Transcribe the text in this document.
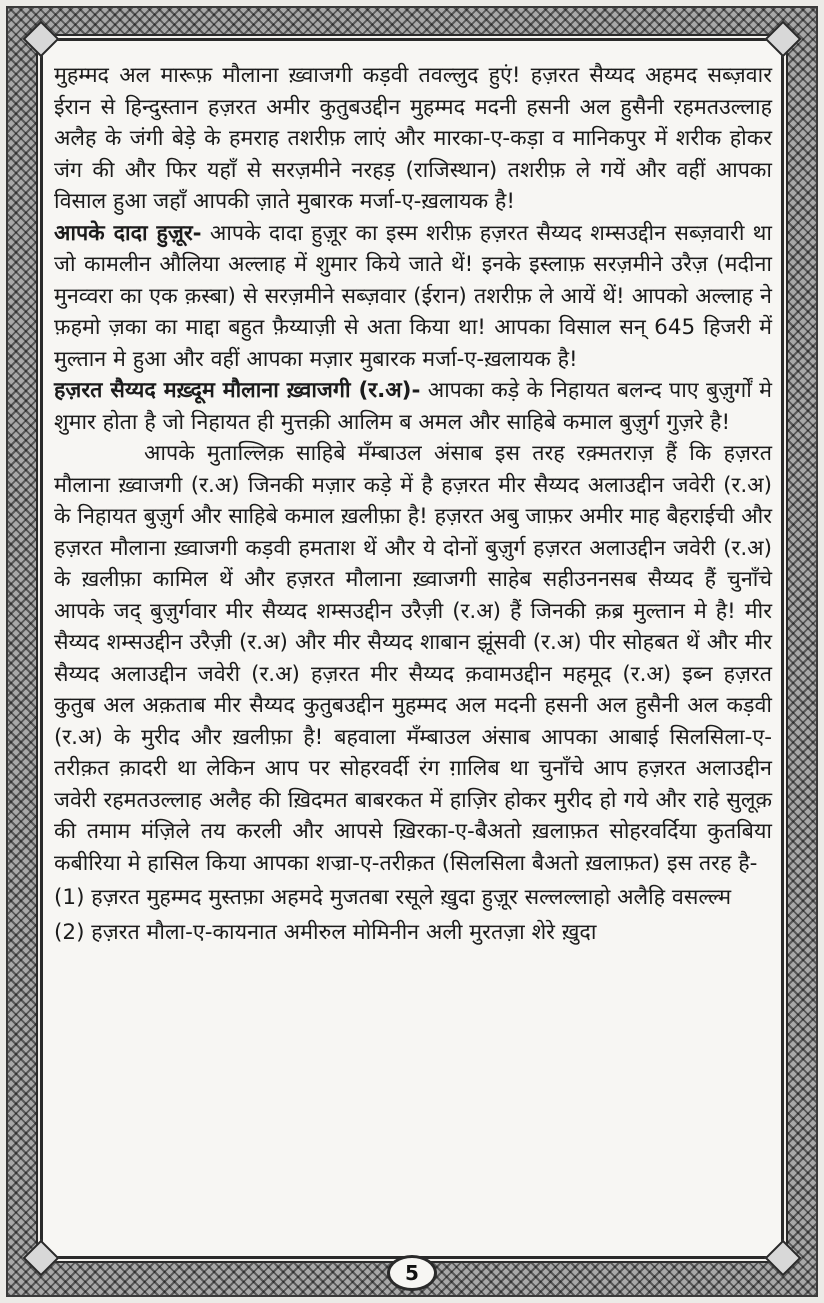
मुहम्मद अल मारूफ़ मौलाना ख़्वाजगी कड़वी तवल्लुद हुएं! हज़रत सैय्यद अहमद सब्ज़वार ईरान से हिन्दुस्तान हज़रत अमीर कुतुबउद्दीन मुहम्मद मदनी हसनी अल हुसैनी रहमतउल्लाह अलैह के जंगी बेड़े के हमराह तशरीफ़ लाएं और मारका-ए-कड़ा व मानिकपुर में शरीक होकर जंग की और फिर यहाँ से सरज़मीने नरहड़ (राजिस्थान) तशरीफ़ ले गयें और वहीं आपका विसाल हुआ जहाँ आपकी ज़ाते मुबारक मर्जा-ए-ख़लायक है!

आपके दादा हुज़ूर- आपके दादा हुज़ूर का इस्म शरीफ़ हज़रत सैय्यद शम्सउद्दीन सब्ज़वारी था जो कामलीन औलिया अल्लाह में शुमार किये जाते थें! इनके इस्लाफ़ सरज़मीने उरैज़ (मदीना मुनव्वरा का एक क़स्बा) से सरज़मीने सब्ज़वार (ईरान) तशरीफ़ ले आयें थें! आपको अल्लाह ने फ़हमो ज़का का माद्दा बहुत फ़ैय्याज़ी से अता किया था! आपका विसाल सन् 645 हिजरी में मुल्तान मे हुआ और वहीं आपका मज़ार मुबारक मर्जा-ए-ख़लायक है!

हज़रत सैय्यद मख़्दूम मौलाना ख़्वाजगी (र.अ)- आपका कड़े के निहायत बलन्द पाए बुज़ुर्गों मे शुमार होता है जो निहायत ही मुत्तक़ी आलिम ब अमल और साहिबे कमाल बुज़ुर्ग गुज़रे है!

आपके मुताल्लिक़ साहिबे मँम्बाउल अंसाब इस तरह रक़्मतराज़ हैं कि हज़रत मौलाना ख़्वाजगी (र.अ) जिनकी मज़ार कड़े में है हज़रत मीर सैय्यद अलाउद्दीन जवेरी (र.अ) के निहायत बुज़ुर्ग और साहिबे कमाल ख़लीफ़ा है! हज़रत अबु जाफ़र अमीर माह बैहराईची और हज़रत मौलाना ख़्वाजगी कड़वी हमताश थें और ये दोनों बुज़ुर्ग हज़रत अलाउद्दीन जवेरी (र.अ) के ख़लीफ़ा कामिल थें और हज़रत मौलाना ख़्वाजगी साहेब सहीउननसब सैय्यद हैं चुनाँचे आपके जद् बुज़ुर्गवार मीर सैय्यद शम्सउद्दीन उरैज़ी (र.अ) हैं जिनकी क़ब्र मुल्तान मे है! मीर सैय्यद शम्सउद्दीन उरैज़ी (र.अ) और मीर सैय्यद शाबान झूंसवी (र.अ) पीर सोहबत थें और मीर सैय्यद अलाउद्दीन जवेरी (र.अ) हज़रत मीर सैय्यद क़वामउद्दीन महमूद (र.अ) इब्न हज़रत कुतुब अल अक़ताब मीर सैय्यद कुतुबउद्दीन मुहम्मद अल मदनी हसनी अल हुसैनी अल कड़वी (र.अ) के मुरीद और ख़लीफ़ा है! बहवाला मँम्बाउल अंसाब आपका आबाई सिलसिला-ए-तरीक़त क़ादरी था लेकिन आप पर सोहरवर्दी रंग ग़ालिब था चुनाँचे आप हज़रत अलाउद्दीन जवेरी रहमतउल्लाह अलैह की ख़िदमत बाबरकत में हाज़िर होकर मुरीद हो गये और राहे सुलूक़ की तमाम मंज़िले तय करली और आपसे ख़िरका-ए-बैअतो ख़लाफ़त सोहरवर्दिया कुतबिया कबीरिया मे हासिल किया आपका शज्रा-ए-तरीक़त (सिलसिला बैअतो ख़लाफ़त) इस तरह है-

(1) हज़रत मुहम्मद मुस्तफ़ा अहमदे मुजतबा रसूले ख़ुदा हुज़ूर सल्लल्लाहो अलैहि वसल्ल्म

(2) हज़रत मौला-ए-कायनात अमीरुल मोमिनीन अली मुरतज़ा शेरे ख़ुदा

5
